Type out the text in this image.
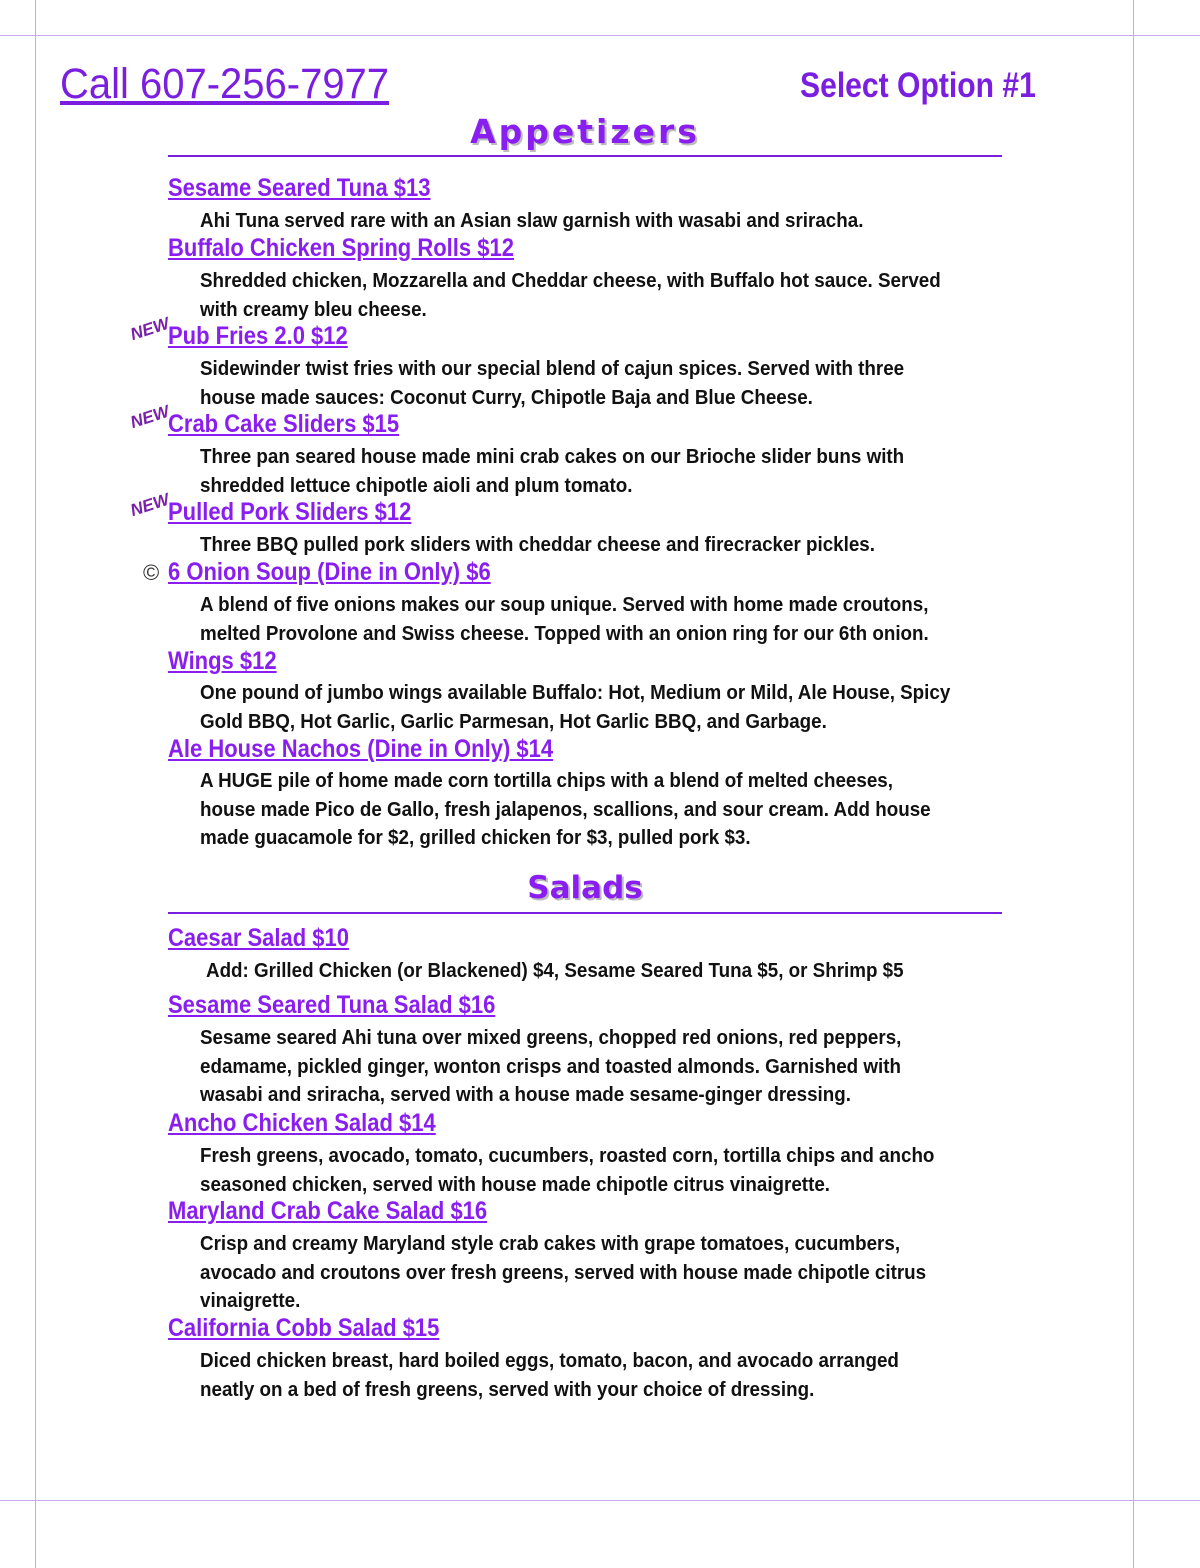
Call 607-256-7977	Select Option #1
Appetizers
Sesame Seared Tuna $13

Ahi Tuna served rare with an Asian slaw garnish with wasabi and sriracha.

Buffalo Chicken Spring Rolls $12

Shredded chicken, Mozzarella and Cheddar cheese, with Buffalo hot sauce. Served with creamy bleu cheese.

NEW
Pub Fries 2.0 $12

Sidewinder twist fries with our special blend of cajun spices. Served with three house made sauces: Coconut Curry, Chipotle Baja and Blue Cheese.

NEW
Crab Cake Sliders $15

Three pan seared house made mini crab cakes on our Brioche slider buns with shredded lettuce chipotle aioli and plum tomato.

NEW
Pulled Pork Sliders $12

Three BBQ pulled pork sliders with cheddar cheese and firecracker pickles.

© 6 Onion Soup (Dine in Only) $6

A blend of five onions makes our soup unique. Served with home made croutons, melted Provolone and Swiss cheese. Topped with an onion ring for our 6th onion.

Wings $12

One pound of jumbo wings available Buffalo: Hot, Medium or Mild, Ale House, Spicy Gold BBQ, Hot Garlic, Garlic Parmesan, Hot Garlic BBQ, and Garbage.

Ale House Nachos (Dine in Only) $14

A HUGE pile of home made corn tortilla chips with a blend of melted cheeses, house made Pico de Gallo, fresh jalapenos, scallions, and sour cream. Add house made guacamole for $2, grilled chicken for $3, pulled pork $3.

Salads
Caesar Salad $10

Add: Grilled Chicken (or Blackened) $4, Sesame Seared Tuna $5, or Shrimp $5

Sesame Seared Tuna Salad $16

Sesame seared Ahi tuna over mixed greens, chopped red onions, red peppers, edamame, pickled ginger, wonton crisps and toasted almonds. Garnished with wasabi and sriracha, served with a house made sesame-ginger dressing.

Ancho Chicken Salad $14

Fresh greens, avocado, tomato, cucumbers, roasted corn, tortilla chips and ancho seasoned chicken, served with house made chipotle citrus vinaigrette.

Maryland Crab Cake Salad $16

Crisp and creamy Maryland style crab cakes with grape tomatoes, cucumbers, avocado and croutons over fresh greens, served with house made chipotle citrus vinaigrette.

California Cobb Salad $15

Diced chicken breast, hard boiled eggs, tomato, bacon, and avocado arranged neatly on a bed of fresh greens, served with your choice of dressing.
